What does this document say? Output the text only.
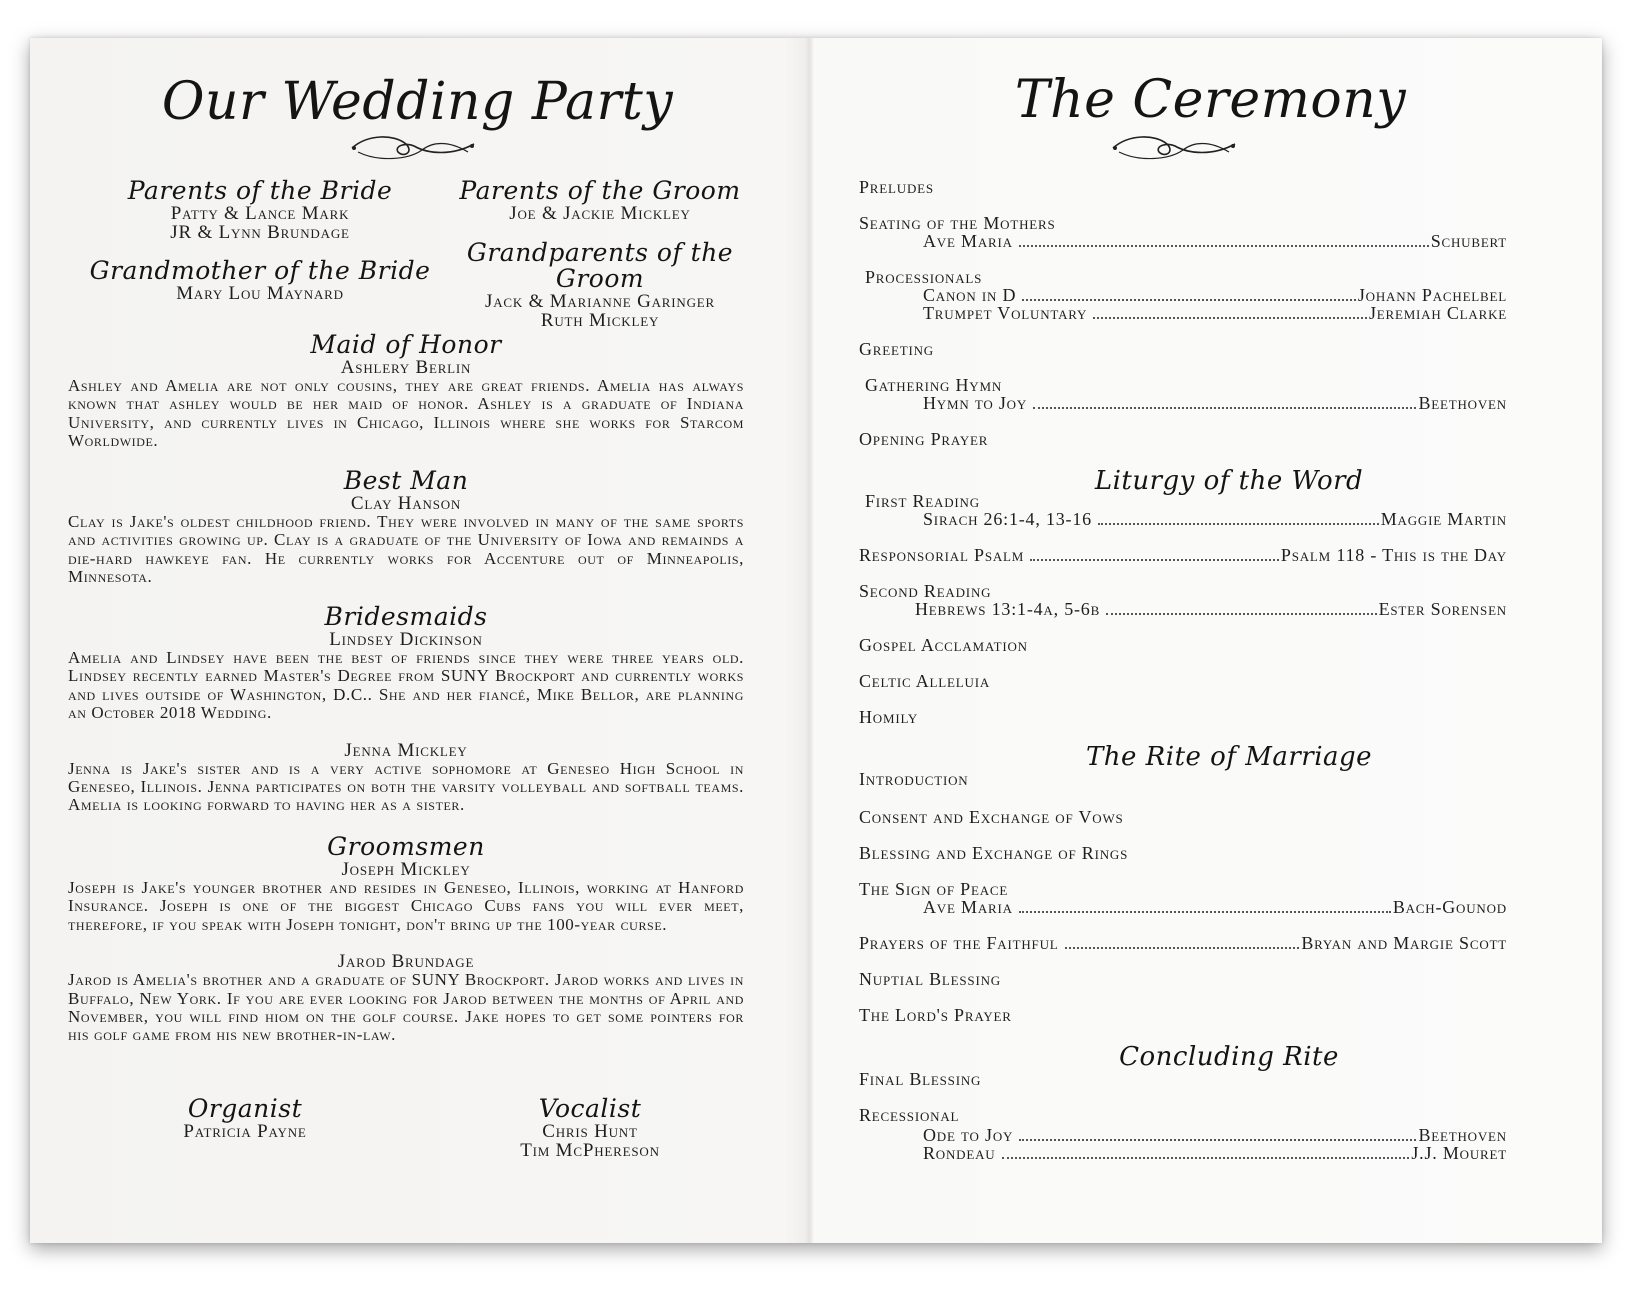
Our Wedding Party
Parents of the Bride
Patty & Lance Mark
JR & Lynn Brundage
Parents of the Groom
Joe & Jackie Mickley
Grandmother of the Bride
Mary Lou Maynard
Grandparents of the Groom
Jack & Marianne Garinger
Ruth Mickley
Maid of Honor
Ashlery Berlin
Ashley and Amelia are not only cousins, they are great friends. Amelia has always known that ashley would be her maid of honor. Ashley is a graduate of Indiana University, and currently lives in Chicago, Illinois where she works for Starcom Worldwide.
Best Man
Clay Hanson
Clay is Jake's oldest childhood friend. They were involved in many of the same sports and activities growing up. Clay is a graduate of the University of Iowa and remainds a die-hard hawkeye fan. He currently works for Accenture out of Minneapolis, Minnesota.
Bridesmaids
Lindsey Dickinson
Amelia and Lindsey have been the best of friends since they were three years old. Lindsey recently earned Master's Degree from SUNY Brockport and currently works and lives outside of Washington, D.C.. She and her fiancé, Mike Bellor, are planning an October 2018 Wedding.
Jenna Mickley
Jenna is Jake's sister and is a very active sophomore at Geneseo High School in Geneseo, Illinois. Jenna participates on both the varsity volleyball and softball teams. Amelia is looking forward to having her as a sister.
Groomsmen
Joseph Mickley
Joseph is Jake's younger brother and resides in Geneseo, Illinois, working at Hanford Insurance. Joseph is one of the biggest Chicago Cubs fans you will ever meet, therefore, if you speak with Joseph tonight, don't bring up the 100-year curse.
Jarod Brundage
Jarod is Amelia's brother and a graduate of SUNY Brockport. Jarod works and lives in Buffalo, New York. If you are ever looking for Jarod between the months of April and November, you will find hiom on the golf course. Jake hopes to get some pointers for his golf game from his new brother-in-law.
Organist
Patricia Payne
Vocalist
Chris Hunt
Tim McPhereson
The Ceremony
Preludes
Seating of the Mothers
Ave Maria	Schubert
Processionals
Canon in D	Johann Pachelbel
Trumpet Voluntary	Jeremiah Clarke
Greeting
Gathering Hymn
Hymn to Joy	Beethoven
Opening Prayer
Liturgy of the Word
First Reading
Sirach 26:1-4, 13-16	Maggie Martin
Responsorial Psalm	Psalm 118 - This is the Day
Second Reading
Hebrews 13:1-4a, 5-6b	Ester Sorensen
Gospel Acclamation
Celtic Alleluia
Homily
The Rite of Marriage
Introduction
Consent and Exchange of Vows
Blessing and Exchange of Rings
The Sign of Peace
Ave Maria	Bach-Gounod
Prayers of the Faithful	Bryan and Margie Scott
Nuptial Blessing
The Lord's Prayer
Concluding Rite
Final Blessing
Recessional
Ode to Joy	Beethoven
Rondeau	J.J. Mouret
